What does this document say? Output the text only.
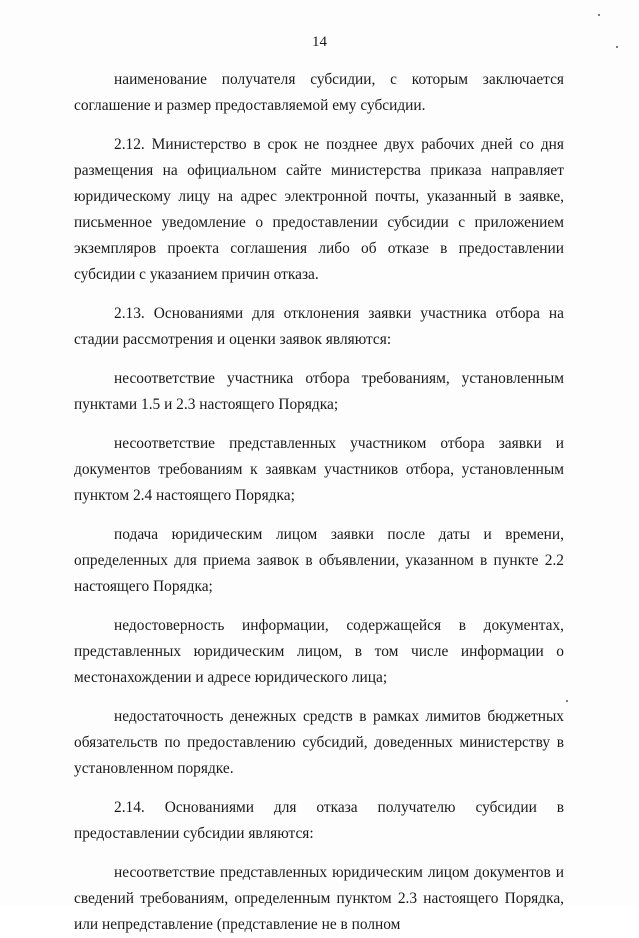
14

наименование получателя субсидии, с которым заключается соглашение и размер предоставляемой ему субсидии.

2.12. Министерство в срок не позднее двух рабочих дней со дня размещения на официальном сайте министерства приказа направляет юридическому лицу на адрес электронной почты, указанный в заявке, письменное уведомление о предоставлении субсидии с приложением экземпляров проекта соглашения либо об отказе в предоставлении субсидии с указанием причин отказа.

2.13. Основаниями для отклонения заявки участника отбора на стадии рассмотрения и оценки заявок являются:

несоответствие участника отбора требованиям, установленным пунктами 1.5 и 2.3 настоящего Порядка;

несоответствие представленных участником отбора заявки и документов требованиям к заявкам участников отбора, установленным пунктом 2.4 настоящего Порядка;

подача юридическим лицом заявки после даты и времени, определенных для приема заявок в объявлении, указанном в пункте 2.2 настоящего Порядка;

недостоверность информации, содержащейся в документах, представленных юридическим лицом, в том числе информации о местонахождении и адресе юридического лица;

недостаточность денежных средств в рамках лимитов бюджетных обязательств по предоставлению субсидий, доведенных министерству в установленном порядке.

2.14. Основаниями для отказа получателю субсидии в предоставлении субсидии являются:

несоответствие представленных юридическим лицом документов и сведений требованиям, определенным пунктом 2.3 настоящего Порядка, или непредставление (представление не в полном
